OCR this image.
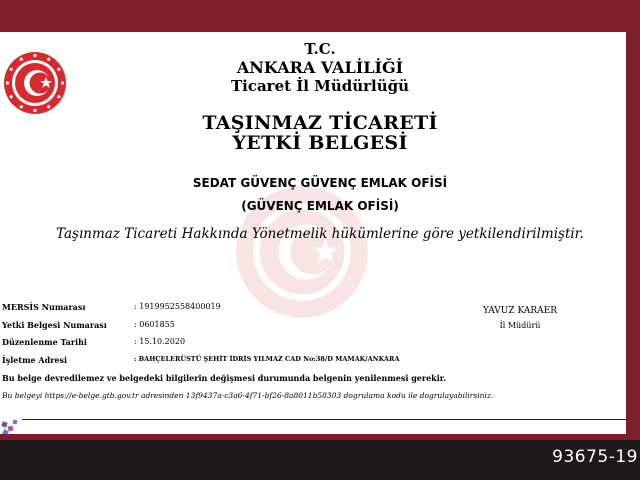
T.C.
ANKARA VALİLİĞİ
Ticaret İl Müdürlüğü
TAŞINMAZ TİCARETİ
YETKİ BELGESİ
SEDAT GÜVENÇ GÜVENÇ EMLAK OFİSİ
(GÜVENÇ EMLAK OFİSİ)
Taşınmaz Ticareti Hakkında Yönetmelik hükümlerine göre yetkilendirilmiştir.
MERSİS Numarası	: 1919952558400019
Yetki Belgesi Numarası	: 0601855
Düzenlenme Tarihi	: 15.10.2020
İşletme Adresi	: BAHÇELERÜSTÜ ŞEHİT İDRİS YILMAZ CAD No:38/D MAMAK/ANKARA
YAVUZ KARAER
İl Müdürü
Bu belge devredilemez ve belgedeki bilgilerin değişmesi durumunda belgenin yenilenmesi gerekir.
Bu belgeyi https://e-belge.gtb.gov.tr adresinden 13f9437a-c3a6-4f71-bf26-8a8011b58303 dogrulama kodu ile dogrulayabilirsiniz.
93675-19
